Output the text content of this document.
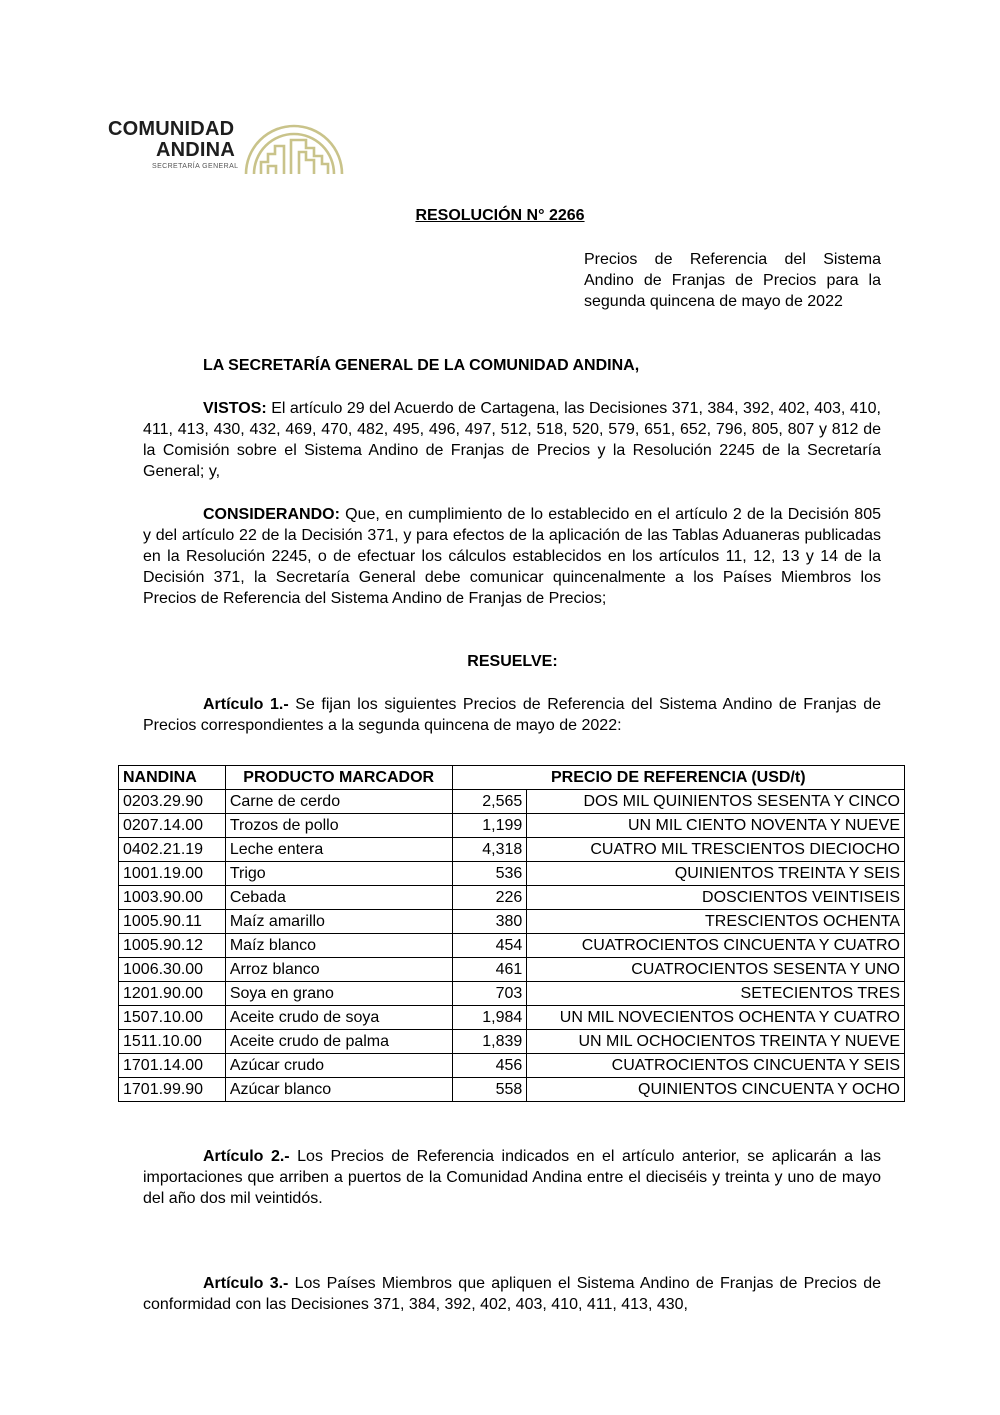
COMUNIDAD
ANDINA
SECRETARÍA GENERAL
RESOLUCIÓN N° 2266
Precios de Referencia del Sistema Andino de Franjas de Precios para la segunda quincena de mayo de 2022
LA SECRETARÍA GENERAL DE LA COMUNIDAD ANDINA,
VISTOS: El artículo 29 del Acuerdo de Cartagena, las Decisiones 371, 384, 392, 402, 403, 410, 411, 413, 430, 432, 469, 470, 482, 495, 496, 497, 512, 518, 520, 579, 651, 652, 796, 805, 807 y 812 de la Comisión sobre el Sistema Andino de Franjas de Precios y la Resolución 2245 de la Secretaría General; y,
CONSIDERANDO: Que, en cumplimiento de lo establecido en el artículo 2 de la Decisión 805 y del artículo 22 de la Decisión 371, y para efectos de la aplicación de las Tablas Aduaneras publicadas en la Resolución 2245, o de efectuar los cálculos establecidos en los artículos 11, 12, 13 y 14 de la Decisión 371, la Secretaría General debe comunicar quincenalmente a los Países Miembros los Precios de Referencia del Sistema Andino de Franjas de Precios;
RESUELVE:
Artículo 1.- Se fijan los siguientes Precios de Referencia del Sistema Andino de Franjas de Precios correspondientes a la segunda quincena de mayo de 2022:
NANDINA	PRODUCTO MARCADOR	PRECIO DE REFERENCIA (USD/t)	
0203.29.90	Carne de cerdo	2,565	DOS MIL QUINIENTOS SESENTA Y CINCO
0207.14.00	Trozos de pollo	1,199	UN MIL CIENTO NOVENTA Y NUEVE
0402.21.19	Leche entera	4,318	CUATRO MIL TRESCIENTOS DIECIOCHO
1001.19.00	Trigo	536	QUINIENTOS TREINTA Y SEIS
1003.90.00	Cebada	226	DOSCIENTOS VEINTISEIS
1005.90.11	Maíz amarillo	380	TRESCIENTOS OCHENTA
1005.90.12	Maíz blanco	454	CUATROCIENTOS CINCUENTA Y CUATRO
1006.30.00	Arroz blanco	461	CUATROCIENTOS SESENTA Y UNO
1201.90.00	Soya en grano	703	SETECIENTOS TRES
1507.10.00	Aceite crudo de soya	1,984	UN MIL NOVECIENTOS OCHENTA Y CUATRO
1511.10.00	Aceite crudo de palma	1,839	UN MIL OCHOCIENTOS TREINTA Y NUEVE
1701.14.00	Azúcar crudo	456	CUATROCIENTOS CINCUENTA Y SEIS
1701.99.90	Azúcar blanco	558	QUINIENTOS CINCUENTA Y OCHO
Artículo 2.- Los Precios de Referencia indicados en el artículo anterior, se aplicarán a las importaciones que arriben a puertos de la Comunidad Andina entre el dieciséis y treinta y uno de mayo del año dos mil veintidós.
Artículo 3.- Los Países Miembros que apliquen el Sistema Andino de Franjas de Precios de conformidad con las Decisiones 371, 384, 392, 402, 403, 410, 411, 413, 430,
